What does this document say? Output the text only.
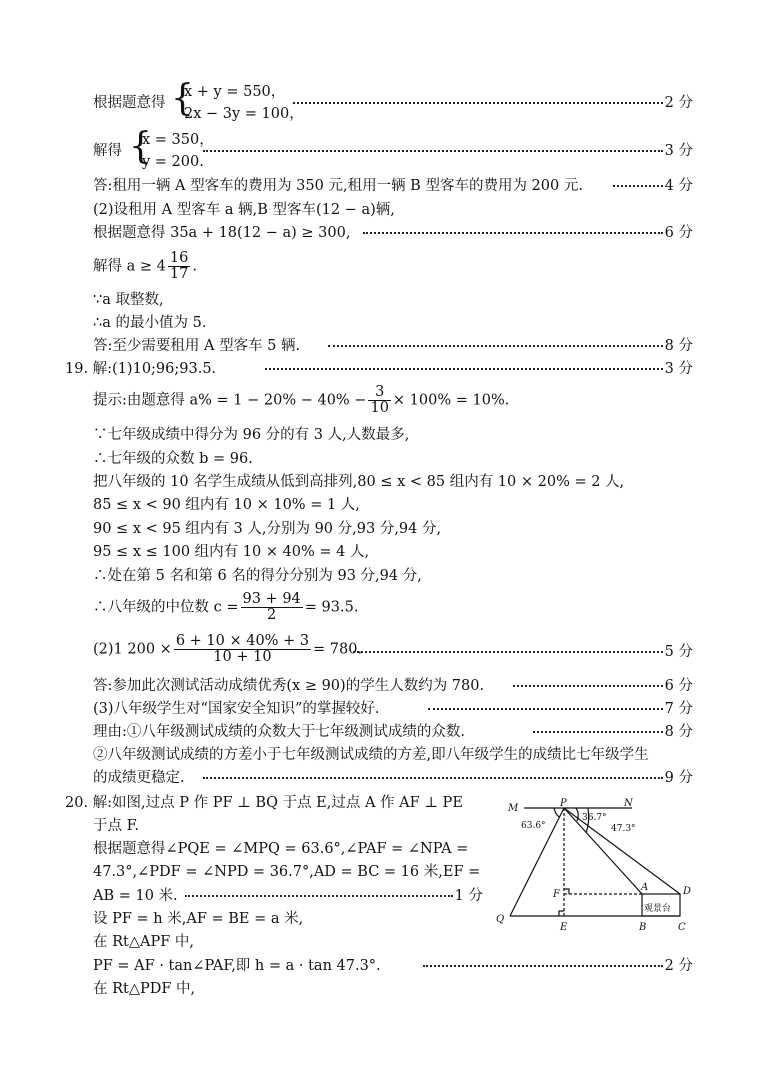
根据题意得	2 分
{
x + y = 550，
2x − 3y = 100，
解得	3 分
{
x = 350，
y = 200.
答:租用一辆 A 型客车的费用为 350 元,租用一辆 B 型客车的费用为 200 元.	4 分
(2)设租用 A 型客车 a 辆,B 型客车(12 − a)辆,
根据题意得 35a + 18(12 − a) ≥ 300,	6 分
解得 $a \ge 4 \frac{16}{17}$ .
∵a 取整数,
∴a 的最小值为 5.
答:至少需要租用 A 型客车 5 辆.	8 分
19. 解:(1)10;96;93.5.	3 分
提示:由题意得 $a\% = 1 - 20\% - 40\% - \frac{3}{10} \times 100\% = 10\%$.
∵七年级成绩中得分为 96 分的有 3 人,人数最多,
∴七年级的众数 b = 96.
把八年级的 10 名学生成绩从低到高排列,80 ≤ x < 85 组内有 10 × 20% = 2 人,
85 ≤ x < 90 组内有 10 × 10% = 1 人,
90 ≤ x < 95 组内有 3 人,分别为 90 分,93 分,94 分,
95 ≤ x ≤ 100 组内有 10 × 40% = 4 人,
∴处在第 5 名和第 6 名的得分分别为 93 分,94 分,
∴八年级的中位数 $c = \frac{93 + 94}{2} = 93.5$.
(2)1 $200 \times \frac{6 + 10 \times 40\% + 3}{10 + 10} = 780$.	5 分
答:参加此次测试活动成绩优秀(x ≥ 90)的学生人数约为 780.	6 分
(3)八年级学生对“国家安全知识”的掌握较好.	7 分
理由:①八年级测试成绩的众数大于七年级测试成绩的众数.	8 分
②八年级测试成绩的方差小于七年级测试成绩的方差,即八年级学生的成绩比七年级学生
的成绩更稳定.	9 分
20. 解:如图,过点 P 作 PF ⊥ BQ 于点 E,过点 A 作 AF ⊥ PE
于点 F.
根据题意得∠PQE = ∠MPQ = 63.6°,∠PAF = ∠NPA =
47.3°,∠PDF = ∠NPD = 36.7°,AD = BC = 16 米,EF =
AB = 10 米.	1 分
设 PF = h 米,AF = BE = a 米,
在 Rt△APF 中,
PF = AF · tan∠PAF,即 h = a · tan 47.3°.	2 分
在 Rt△PDF 中,
P
M	N
63.6°
36.7°
47.3°
F
A	D
观景台
Q
E	B	C
